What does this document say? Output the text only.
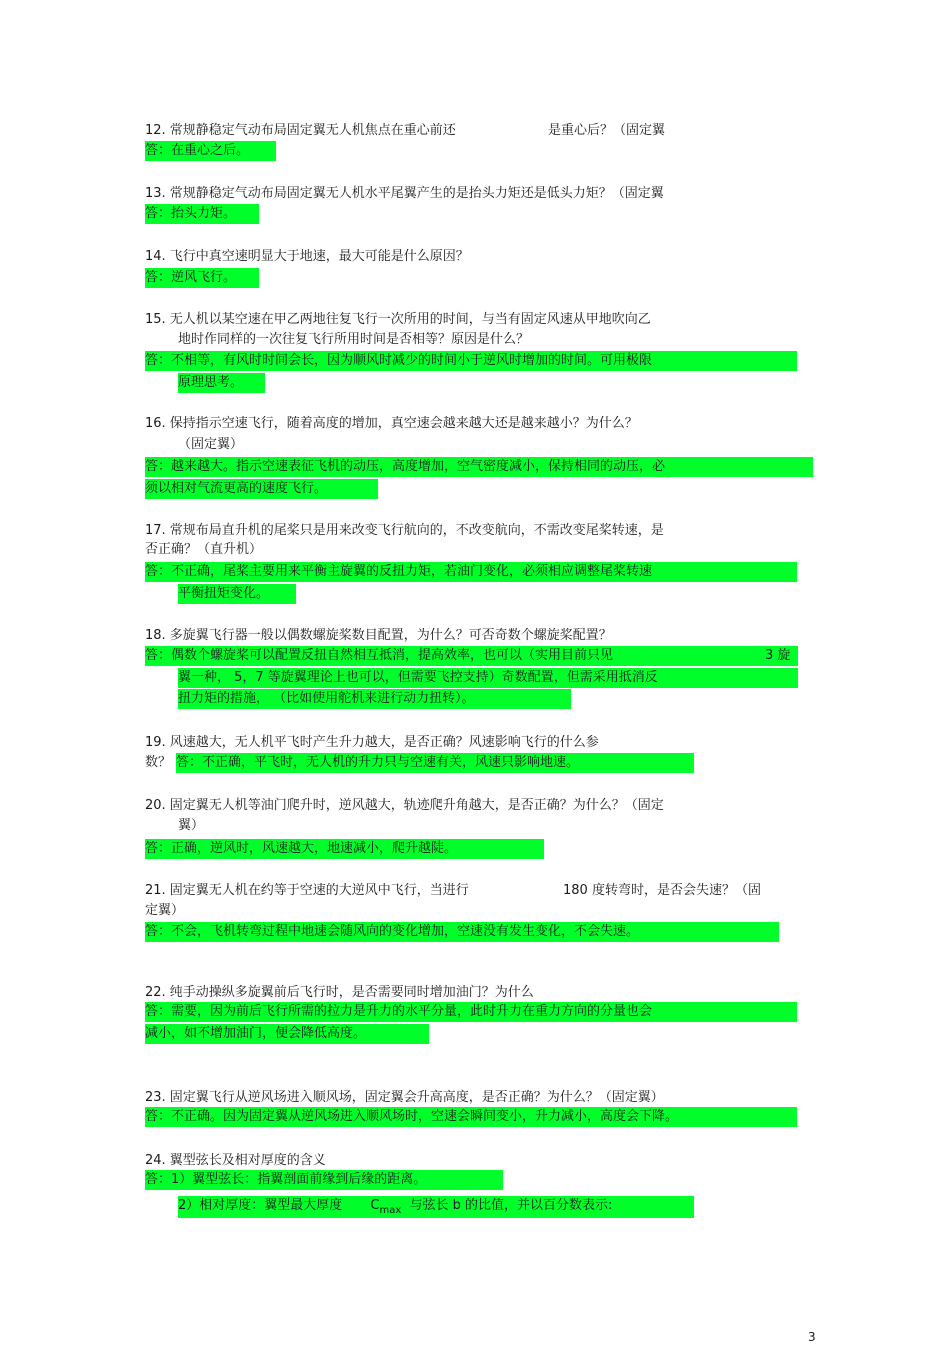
12. 常规静稳定气动布局固定翼无人机焦点在重心前还	是重心后？（固定翼
答：在重心之后。
13. 常规静稳定气动布局固定翼无人机水平尾翼产生的是抬头力矩还是低头力矩？（固定翼
答：抬头力矩。
14. 飞行中真空速明显大于地速，最大可能是什么原因？
答：逆风飞行。
15. 无人机以某空速在甲乙两地往复飞行一次所用的时间，与当有固定风速从甲地吹向乙
地时作同样的一次往复飞行所用时间是否相等？原因是什么？
答：不相等，有风时时间会长，因为顺风时减少的时间小于逆风时增加的时间。可用极限
原理思考。
16. 保持指示空速飞行，随着高度的增加，真空速会越来越大还是越来越小？为什么？
（固定翼）
答：越来越大。指示空速表征飞机的动压，高度增加，空气密度减小，保持相同的动压，必
须以相对气流更高的速度飞行。
17. 常规布局直升机的尾桨只是用来改变飞行航向的，不改变航向，不需改变尾桨转速，是
否正确？（直升机）
答：不正确，尾桨主要用来平衡主旋翼的反扭力矩，若油门变化，必须相应调整尾桨转速
平衡扭矩变化。
18. 多旋翼飞行器一般以偶数螺旋桨数目配置，为什么？可否奇数个螺旋桨配置？
答：偶数个螺旋桨可以配置反扭自然相互抵消，提高效率，也可以（实用目前只见	3 旋
翼一种， 5，7 等旋翼理论上也可以，但需要飞控支持）奇数配置，但需采用抵消反
扭力矩的措施， （比如使用舵机来进行动力扭转）。
19. 风速越大，无人机平飞时产生升力越大，是否正确？风速影响飞行的什么参
数？ 答：不正确，平飞时，无人机的升力只与空速有关，风速只影响地速。
20. 固定翼无人机等油门爬升时，逆风越大，轨迹爬升角越大，是否正确？为什么？（固定
翼）
答：正确，逆风时，风速越大，地速减小，爬升越陡。
21. 固定翼无人机在约等于空速的大逆风中飞行，当进行	180 度转弯时，是否会失速？（固
定翼）
答：不会，飞机转弯过程中地速会随风向的变化增加，空速没有发生变化，不会失速。
22. 纯手动操纵多旋翼前后飞行时，是否需要同时增加油门？为什么
答：需要，因为前后飞行所需的拉力是升力的水平分量，此时升力在重力方向的分量也会
减小，如不增加油门，便会降低高度。
23. 固定翼飞行从逆风场进入顺风场，固定翼会升高高度，是否正确？为什么？（固定翼）
答：不正确。因为固定翼从逆风场进入顺风场时，空速会瞬间变小，升力减小，高度会下降。
24. 翼型弦长及相对厚度的含义
答：1）翼型弦长：指翼剖面前缘到后缘的距离。
2）相对厚度：翼型最大厚度 $C_{max}$ 与弦长 b 的比值，并以百分数表示:
3
